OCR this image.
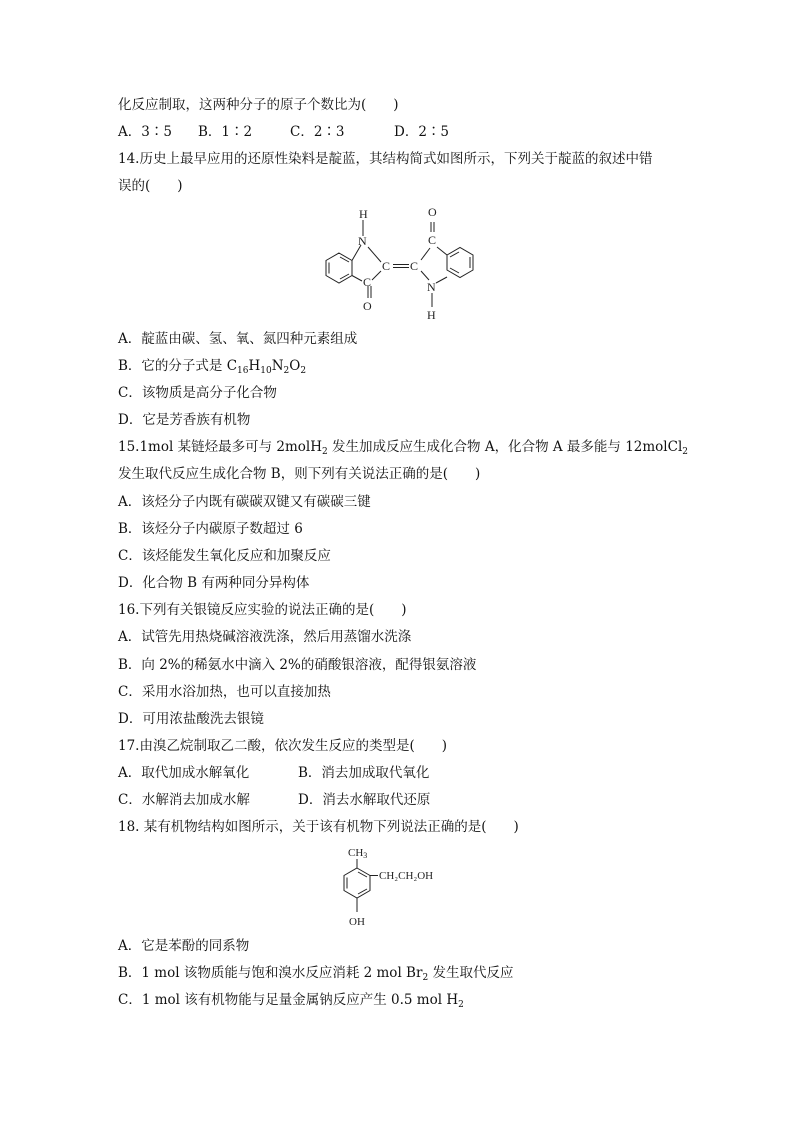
化反应制取，这两种分子的原子个数比为(　　)
A．3∶5 B．1∶2	C．2∶3	D．2∶5
14.历史上最早应用的还原性染料是靛蓝，其结构简式如图所示，下列关于靛蓝的叙述中错
误的(　　)
H
N
C C
C
O
O
C
N
H
A．靛蓝由碳、氢、氧、氮四种元素组成
B．它的分子式是 $C_{16}H_{10}N_2O_2$
C．该物质是高分子化合物
D．它是芳香族有机物
15.1mol 某链烃最多可与 2molH$_2$ 发生加成反应生成化合物 A，化合物 A 最多能与 12molCl$_2$
发生取代反应生成化合物 B，则下列有关说法正确的是(　　)
A．该烃分子内既有碳碳双键又有碳碳三键
B．该烃分子内碳原子数超过 6
C．该烃能发生氧化反应和加聚反应
D．化合物 B 有两种同分异构体
16.下列有关银镜反应实验的说法正确的是(　　)
A．试管先用热烧碱溶液洗涤，然后用蒸馏水洗涤
B．向 2%的稀氨水中滴入 2%的硝酸银溶液，配得银氨溶液
C．采用水浴加热，也可以直接加热
D．可用浓盐酸洗去银镜
17.由溴乙烷制取乙二酸，依次发生反应的类型是(　　)
A．取代加成水解氧化	B．消去加成取代氧化
C．水解消去加成水解	D．消去水解取代还原
18. 某有机物结构如图所示，关于该有机物下列说法正确的是(　　)
CH3
CH₂CH₂OH
OH
A．它是苯酚的同系物
B．1 mol 该物质能与饱和溴水反应消耗 2 mol $Br_2$ 发生取代反应
C．1 mol 该有机物能与足量金属钠反应产生 0.5 mol $H_2$
